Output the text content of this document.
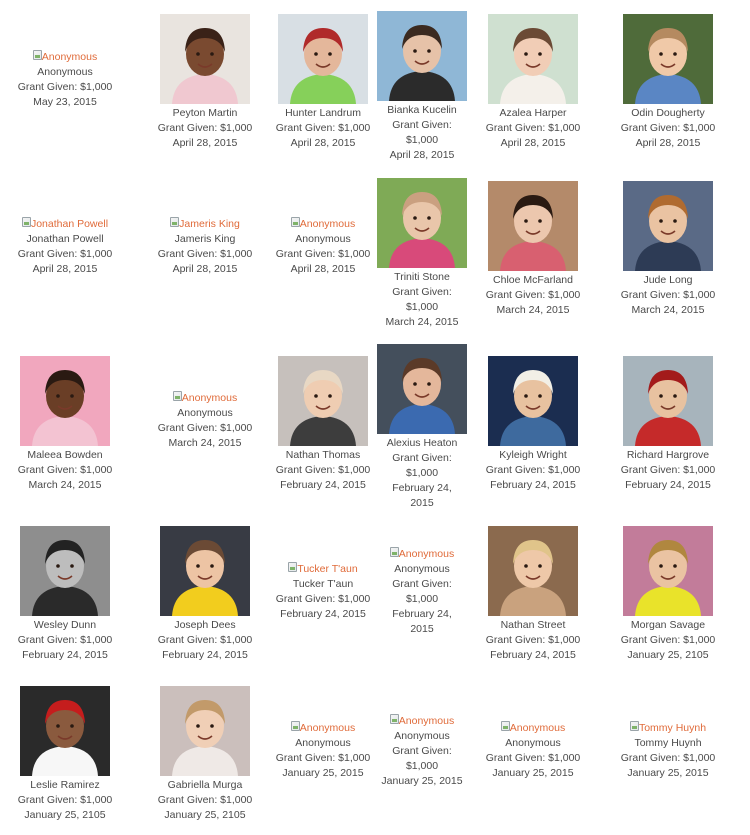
Anonymous
Anonymous
Grant Given: $1,000
May 23, 2015
Peyton Martin
Grant Given: $1,000
April 28, 2015
Hunter Landrum
Grant Given: $1,000
April 28, 2015
Bianka Kucelin
Grant Given:
$1,000
April 28, 2015
Azalea Harper
Grant Given: $1,000
April 28, 2015
Odin Dougherty
Grant Given: $1,000
April 28, 2015
Jonathan Powell
Jonathan Powell
Grant Given: $1,000
April 28, 2015
Jameris King
Jameris King
Grant Given: $1,000
April 28, 2015
Anonymous
Anonymous
Grant Given: $1,000
April 28, 2015
Triniti Stone
Grant Given:
$1,000
March 24, 2015
Chloe McFarland
Grant Given: $1,000
March 24, 2015
Jude Long
Grant Given: $1,000
March 24, 2015
Maleea Bowden
Grant Given: $1,000
March 24, 2015
Anonymous
Anonymous
Grant Given: $1,000
March 24, 2015
Nathan Thomas
Grant Given: $1,000
February 24, 2015
Alexius Heaton
Grant Given:
$1,000
February 24, 2015
Kyleigh Wright
Grant Given: $1,000
February 24, 2015
Richard Hargrove
Grant Given: $1,000
February 24, 2015
Wesley Dunn
Grant Given: $1,000
February 24, 2015
Joseph Dees
Grant Given: $1,000
February 24, 2015
Tucker T'aun
Tucker T'aun
Grant Given: $1,000
February 24, 2015
Anonymous
Anonymous
Grant Given:
$1,000
February 24, 2015	Nathan Street
Grant Given: $1,000
February 24, 2015
Morgan Savage
Grant Given: $1,000
January 25, 2105
Leslie Ramirez
Grant Given: $1,000
January 25, 2105
Gabriella Murga
Grant Given: $1,000
January 25, 2105
Anonymous
Anonymous
Grant Given: $1,000
January 25, 2015
Anonymous
Anonymous
Grant Given:
$1,000
January 25, 2015
Anonymous
Anonymous
Grant Given: $1,000
January 25, 2015
Tommy Huynh
Tommy Huynh
Grant Given: $1,000
January 25, 2015
